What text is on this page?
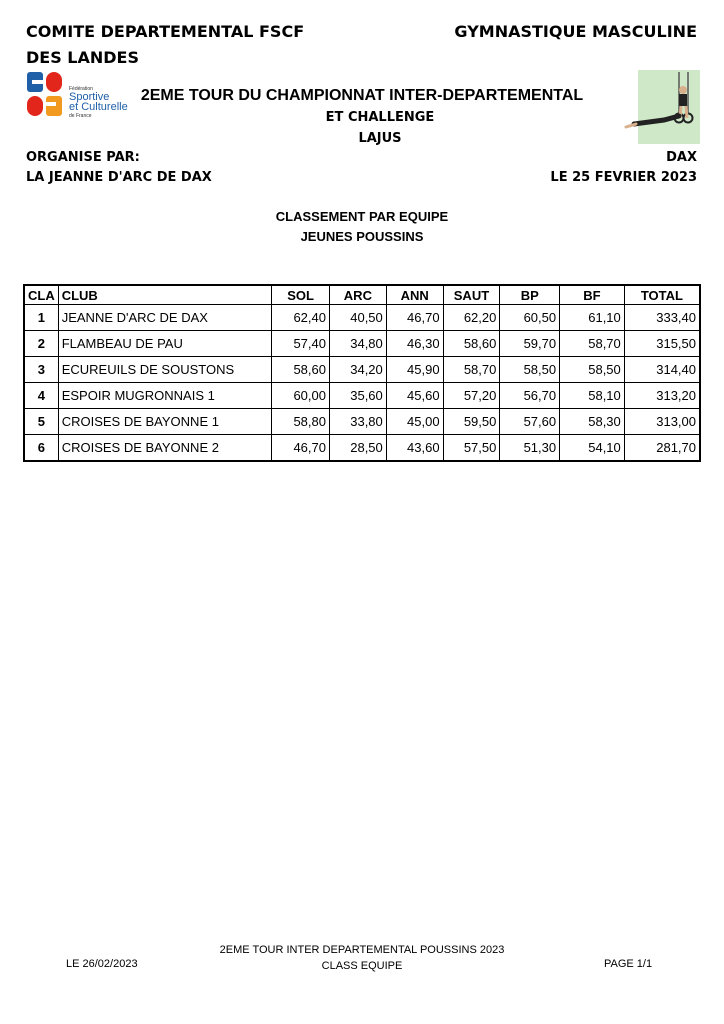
COMITE DEPARTEMENTAL FSCF
DES LANDES
GYMNASTIQUE MASCULINE
Fédération
Sportive
et Culturelle
de France
2EME TOUR DU CHAMPIONNAT INTER-DEPARTEMENTAL
ET CHALLENGE
LAJUS
ORGANISE PAR:
LA JEANNE D'ARC DE DAX
DAX
LE 25 FEVRIER 2023
CLASSEMENT PAR EQUIPE
JEUNES POUSSINS
CLA	CLUB	SOL	ARC	ANN	SAUT	BP	BF	TOTAL
1	JEANNE D'ARC DE DAX	62,40	40,50	46,70	62,20	60,50	61,10	333,40
2	FLAMBEAU DE PAU	57,40	34,80	46,30	58,60	59,70	58,70	315,50
3	ECUREUILS DE SOUSTONS	58,60	34,20	45,90	58,70	58,50	58,50	314,40
4	ESPOIR MUGRONNAIS 1	60,00	35,60	45,60	57,20	56,70	58,10	313,20
5	CROISES DE BAYONNE 1	58,80	33,80	45,00	59,50	57,60	58,30	313,00
6	CROISES DE BAYONNE 2	46,70	28,50	43,60	57,50	51,30	54,10	281,70
2EME TOUR INTER DEPARTEMENTAL POUSSINS 2023
CLASS EQUIPE
LE 26/02/2023	PAGE 1/1
